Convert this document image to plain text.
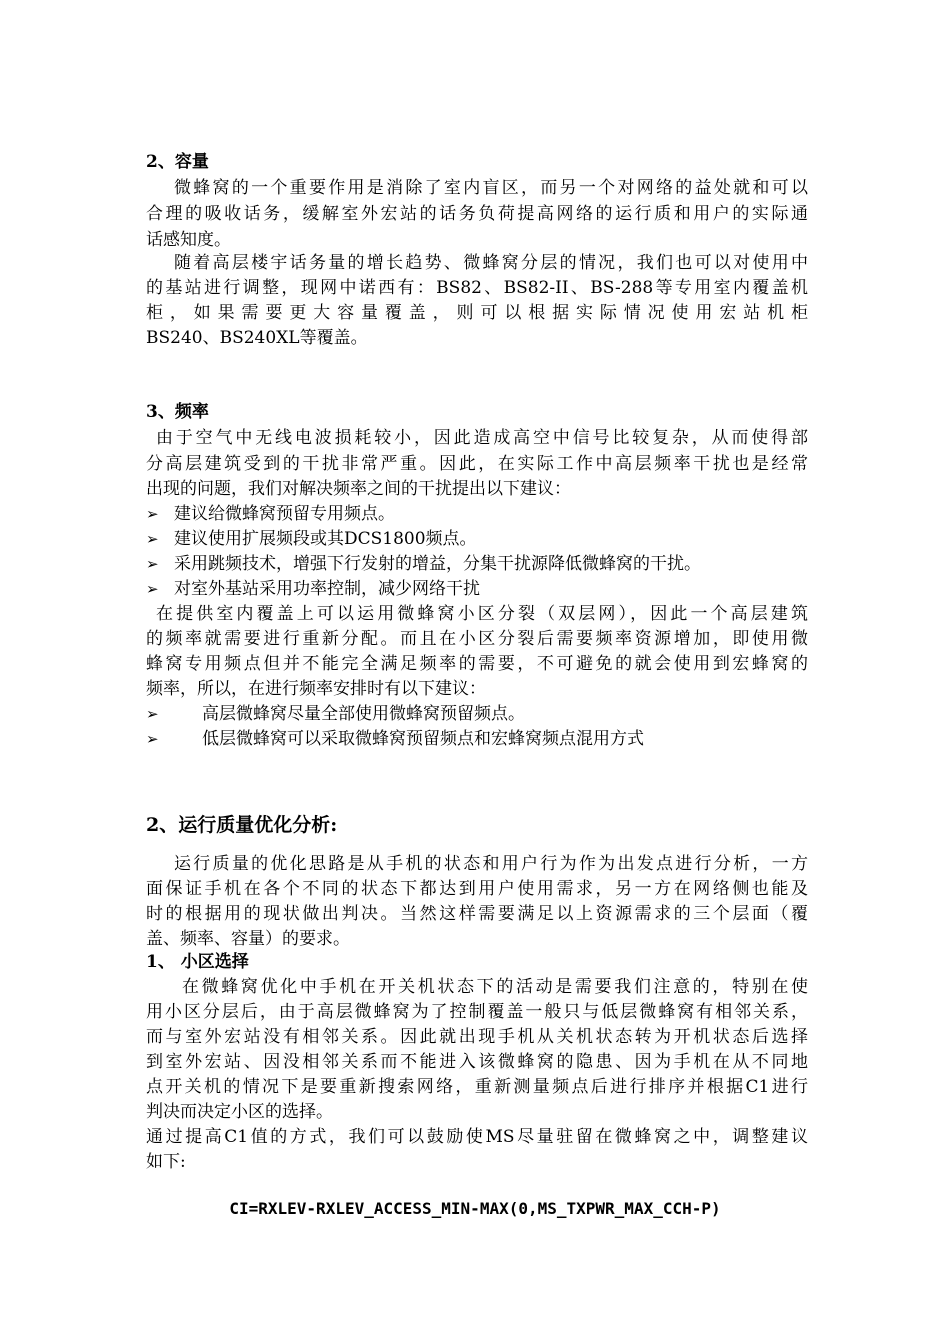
2、容量
微蜂窝的一个重要作用是消除了室内盲区，而另一个对网络的益处就和可以
合理的吸收话务，缓解室外宏站的话务负荷提高网络的运行质和用户的实际通
话感知度。
随着高层楼宇话务量的增长趋势、微蜂窝分层的情况，我们也可以对使用中
的基站进行调整，现网中诺西有：BS82、BS82-II、BS-288等专用室内覆盖机
柜，如果需要更大容量覆盖，则可以根据实际情况使用宏站机柜
BS240、BS240XL等覆盖。
3、频率
由于空气中无线电波损耗较小，因此造成高空中信号比较复杂，从而使得部
分高层建筑受到的干扰非常严重。因此，在实际工作中高层频率干扰也是经常
出现的问题，我们对解决频率之间的干扰提出以下建议：
➢ 建议给微蜂窝预留专用频点。
➢ 建议使用扩展频段或其DCS1800频点。
➢ 采用跳频技术，增强下行发射的增益，分集干扰源降低微蜂窝的干扰。
➢ 对室外基站采用功率控制，减少网络干扰
在提供室内覆盖上可以运用微蜂窝小区分裂（双层网），因此一个高层建筑
的频率就需要进行重新分配。而且在小区分裂后需要频率资源增加，即使用微
蜂窝专用频点但并不能完全满足频率的需要，不可避免的就会使用到宏蜂窝的
频率，所以，在进行频率安排时有以下建议：
➢	高层微蜂窝尽量全部使用微蜂窝预留频点。
➢	低层微蜂窝可以采取微蜂窝预留频点和宏蜂窝频点混用方式
2、运行质量优化分析:
运行质量的优化思路是从手机的状态和用户行为作为出发点进行分析，一方
面保证手机在各个不同的状态下都达到用户使用需求，另一方在网络侧也能及
时的根据用的现状做出判决。当然这样需要满足以上资源需求的三个层面（覆
盖、频率、容量）的要求。
1、 小区选择
在微蜂窝优化中手机在开关机状态下的活动是需要我们注意的，特别在使
用小区分层后，由于高层微蜂窝为了控制覆盖一般只与低层微蜂窝有相邻关系，
而与室外宏站没有相邻关系。因此就出现手机从关机状态转为开机状态后选择
到室外宏站、因没相邻关系而不能进入该微蜂窝的隐患、因为手机在从不同地
点开关机的情况下是要重新搜索网络，重新测量频点后进行排序并根据C1进行
判决而决定小区的选择。
通过提高C1值的方式，我们可以鼓励使MS尽量驻留在微蜂窝之中，调整建议
如下:
CI=RXLEV-RXLEV_ACCESS_MIN-MAX(0,MS_TXPWR_MAX_CCH-P)
